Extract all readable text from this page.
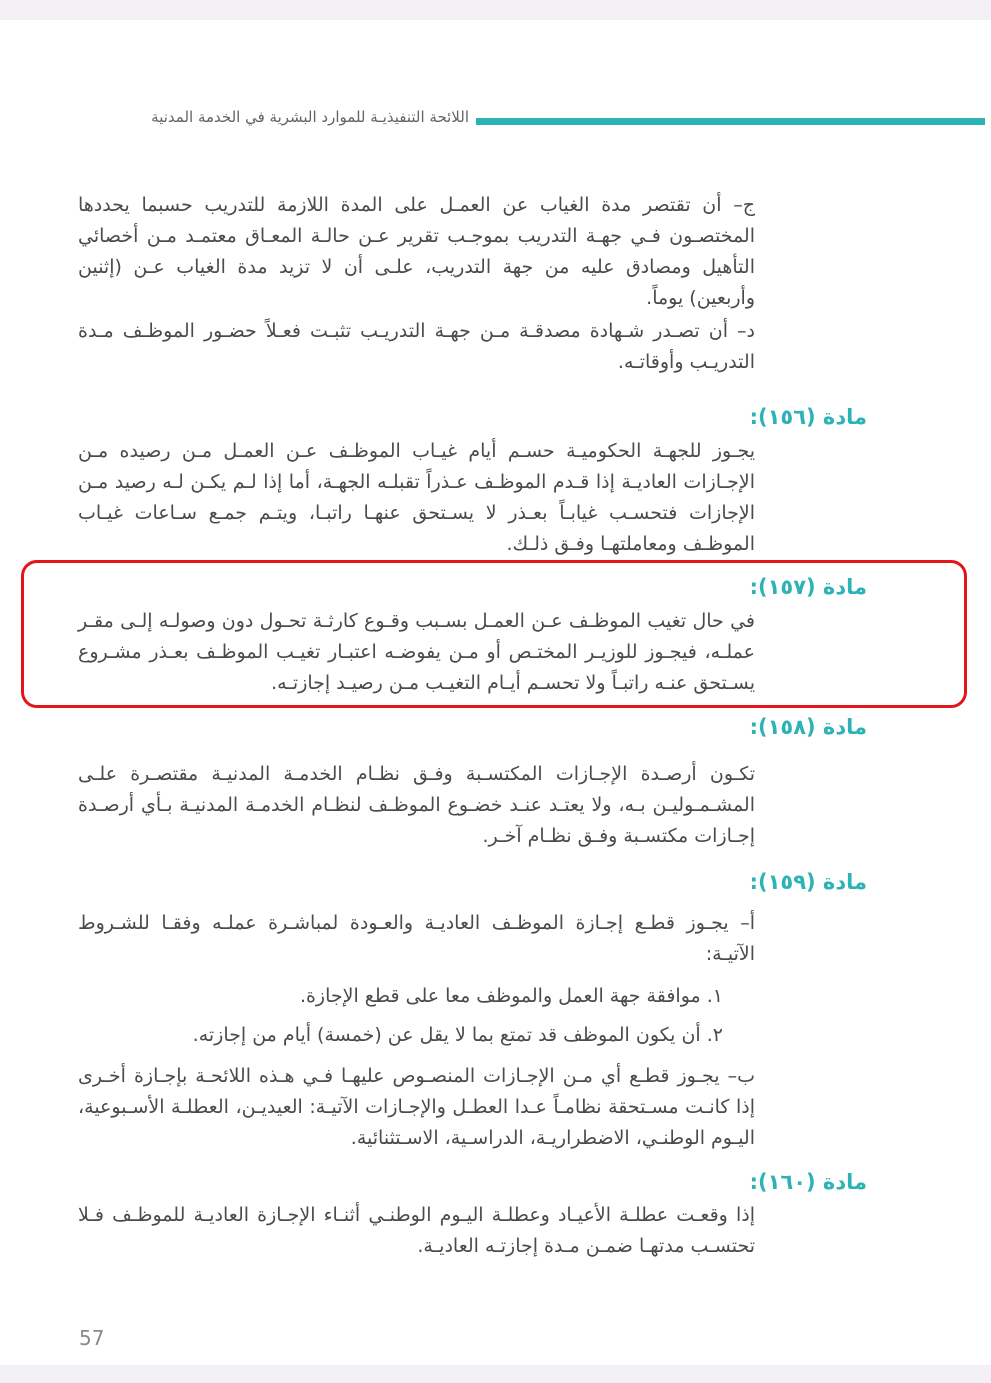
اللائحة التنفيذيـة للموارد البشرية في الخدمة المدنية
ج– أن تقتصر مدة الغياب عن العمـل على المدة اللازمة للتدريب حسبما يحددها المختصـون فـي جهـة التدريب بموجـب تقرير عـن حالـة المعـاق معتمـد مـن أخصائي التأهيل ومصادق عليه من جهة التدريب، علـى أن لا تزيد مدة الغياب عـن (إثنين وأربعين) يوماً.
د– أن تصـدر شـهادة مصدقـة مـن جهـة التدريـب تثبـت فعـلاً حضـور الموظـف مـدة التدريـب وأوقاتـه.
مادة (١٥٦):
يجـوز للجهـة الحكوميـة حسـم أيام غيـاب الموظـف عـن العمـل مـن رصيده مـن الإجـازات العاديـة إذا قـدم الموظـف عـذراً تقبلـه الجهـة، أما إذا لـم يكـن لـه رصيد مـن الإجازات فتحسـب غيابـاً بعـذر لا يسـتحق عنهـا راتبـا، ويتـم جمـع سـاعات غيـاب الموظـف ومعاملتهـا وفـق ذلـك.
مادة (١٥٧):
في حال تغيب الموظـف عـن العمـل بسـبب وقـوع كارثـة تحـول دون وصولـه إلـى مقـر عملـه، فيجـوز للوزيـر المختـص أو مـن يفوضـه اعتبـار تغيـب الموظـف بعـذر مشـروع يسـتحق عنـه راتبـاً ولا تحسـم أيـام التغيـب مـن رصيـد إجازتـه.
مادة (١٥٨):
تكـون أرصـدة الإجـازات المكتسـبة وفـق نظـام الخدمـة المدنيـة مقتصـرة علـى المشـمـوليـن بـه، ولا يعتـد عنـد خضـوع الموظـف لنظـام الخدمـة المدنيـة بـأي أرصـدة إجـازات مكتسـبة وفـق نظـام آخـر.
مادة (١٥٩):
أ– يجـوز قطـع إجـازة الموظـف العاديـة والعـودة لمباشـرة عملـه وفقـا للشـروط الآتيـة:
١. موافقة جهة العمل والموظف معا على قطع الإجازة.
٢. أن يكون الموظف قد تمتع بما لا يقل عن (خمسة) أيام من إجازته.
ب– يجـوز قطـع أي مـن الإجـازات المنصـوص عليهـا فـي هـذه اللائحـة بإجـازة أخـرى إذا كانـت مسـتحقة نظامـاً عـدا العطـل والإجـازات الآتيـة: العيديـن، العطلـة الأسـبوعية، اليـوم الوطنـي، الاضطراريـة، الدراسـية، الاسـتثنائية.
مادة (١٦٠):
إذا وقعـت عطلـة الأعيـاد وعطلـة اليـوم الوطنـي أثنـاء الإجـازة العاديـة للموظـف فـلا تحتسـب مدتهـا ضمـن مـدة إجازتـه العاديـة.
57
